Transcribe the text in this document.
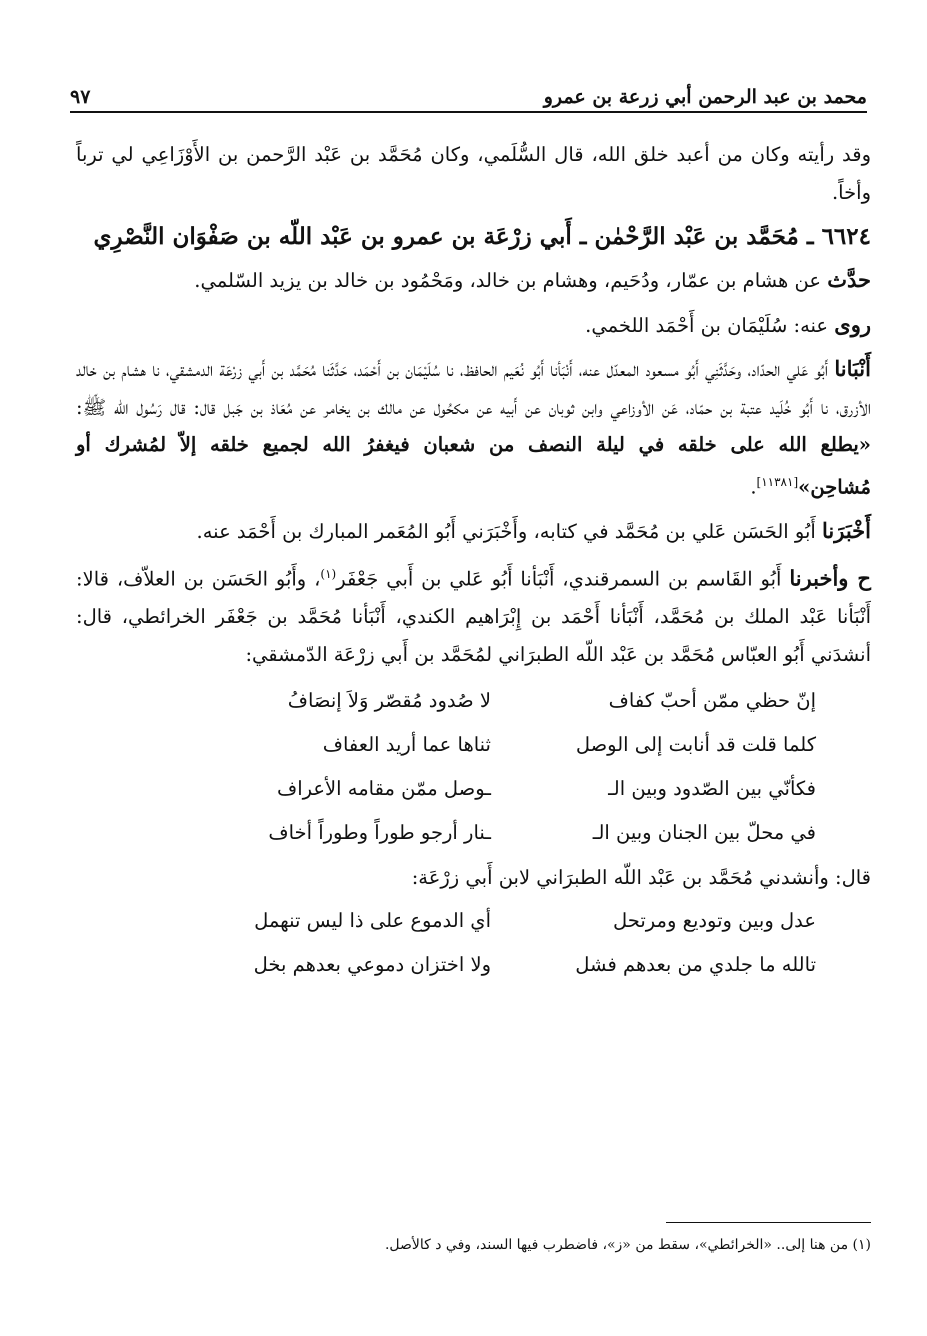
محمد بن عبد الرحمن أبي زرعة بن عمرو
٩٧

وقد رأيته وكان من أعبد خلق الله، قال السُّلَمي، وكان مُحَمَّد بن عَبْد الرَّحمن بن الأَوْزَاعِي لي ترباً وأخاً.

٦٦٢٤ ـ مُحَمَّد بن عَبْد الرَّحْمٰن ـ أَبي زرْعَة بن عمرو بن عَبْد اللّه بن صَفْوَان النَّصْرِي

حدَّث عن هشام بن عمّار، ودُحَيم، وهشام بن خالد، ومَحْمُود بن خالد بن يزيد السّلمي.

روى عنه: سُلَيْمَان بن أَحْمَد اللخمي.

أَنْبَانا أَبُو عَلي الحدّاد، وحَدَّثَنِي أَبُو مسعود المعدّل عنه، أَنْبَأنا أَبُو نُعَيم الحافظ، نا سُلَيْمَان بن أَحْمَد، حَدَّثَنا مُحَمَّد بن أَبي زرْعَة الدمشقي، نا هشام بن خالد الأزرق، نا أَبُو خُلَيد عتبة بن حمّاد، عَن الأوزاعي وابن ثوبان عن أَبيه عن مكحُول عن مالك بن يخامر عن مُعَاذ بن جَبل قال: قال رَسُول الله ﷺ: «يطلع الله على خلقه في ليلة النصف من شعبان فيغفرُ الله لجميع خلقه إلاّ لمُشرك أو مُشاحِن»[١١٣٨١].

أَخْبَرَنا أَبُو الحَسَن عَلي بن مُحَمَّد في كتابه، وأَخْبَرَني أَبُو المُعَمر المبارك بن أَحْمَد عنه.

ح وأخبرنا أَبُو القَاسم بن السمرقندي، أَنْبَأنا أَبُو عَلي بن أَبي جَعْفَر$^{(١)}$، وأَبُو الحَسَن بن العلاّف، قالا: أَنْبَأنا عَبْد الملك بن مُحَمَّد، أَنْبَأنا أَحْمَد بن إِبْرَاهيم الكندي، أَنْبَأنا مُحَمَّد بن جَعْفَر الخرائطي، قال: أنشدَني أَبُو العبّاس مُحَمَّد بن عَبْد اللّه الطبرَاني لمُحَمَّد بن أَبي زرْعَة الدّمشقي:

إنّ حظي ممّن أحبّ كفاف
لا صُدود مُقصّر وَلاَ إنصَافُ
كلما قلت قد أنابت إلى الوصل
ثناها عما أريد العفاف
فكأنّي بين الصّدود وبين الـ
ـوصل ممّن مقامه الأعراف
في محلّ بين الجنان وبين الـ
ـنار أرجو طوراً وطوراً أخاف

قال: وأنشدني مُحَمَّد بن عَبْد اللّه الطبرَاني لابن أَبي زرْعَة:

عدل وبين وتوديع ومرتحل
أي الدموع على ذا ليس تنهمل
تالله ما جلدي من بعدهم فشل
ولا اختزان دموعي بعدهم بخل
(١) من هنا إلى.. «الخرائطي»، سقط من «ز»، فاضطرب فيها السند، وفي د كالأصل.
